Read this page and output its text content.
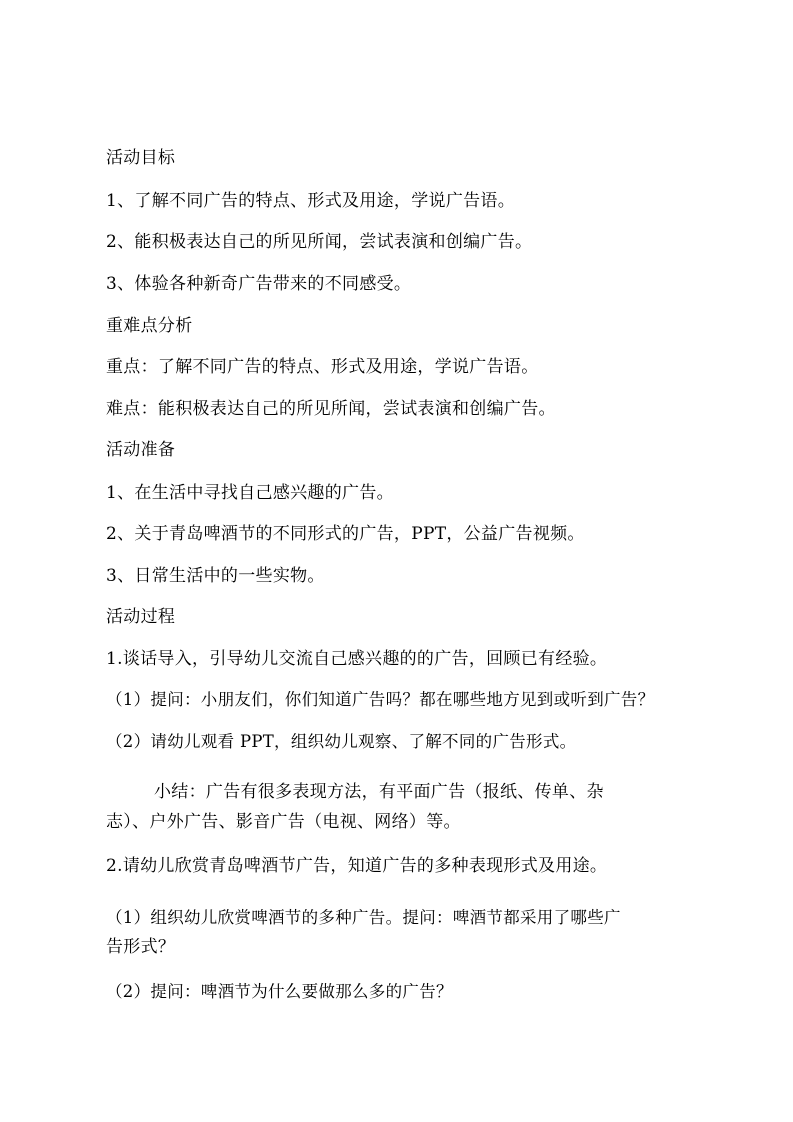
活动目标
1、了解不同广告的特点、形式及用途，学说广告语。
2、能积极表达自己的所见所闻，尝试表演和创编广告。
3、体验各种新奇广告带来的不同感受。
重难点分析
重点：了解不同广告的特点、形式及用途，学说广告语。
难点：能积极表达自己的所见所闻，尝试表演和创编广告。
活动准备
1、在生活中寻找自己感兴趣的广告。
2、关于青岛啤酒节的不同形式的广告，PPT，公益广告视频。
3、日常生活中的一些实物。
活动过程
1.谈话导入，引导幼儿交流自己感兴趣的的广告，回顾已有经验。
（1）提问：小朋友们，你们知道广告吗？都在哪些地方见到或听到广告？
（2）请幼儿观看 PPT，组织幼儿观察、了解不同的广告形式。
小结：广告有很多表现方法，有平面广告（报纸、传单、杂
志）、户外广告、影音广告（电视、网络）等。
2.请幼儿欣赏青岛啤酒节广告，知道广告的多种表现形式及用途。
（1）组织幼儿欣赏啤酒节的多种广告。提问：啤酒节都采用了哪些广
告形式？
（2）提问：啤酒节为什么要做那么多的广告？
